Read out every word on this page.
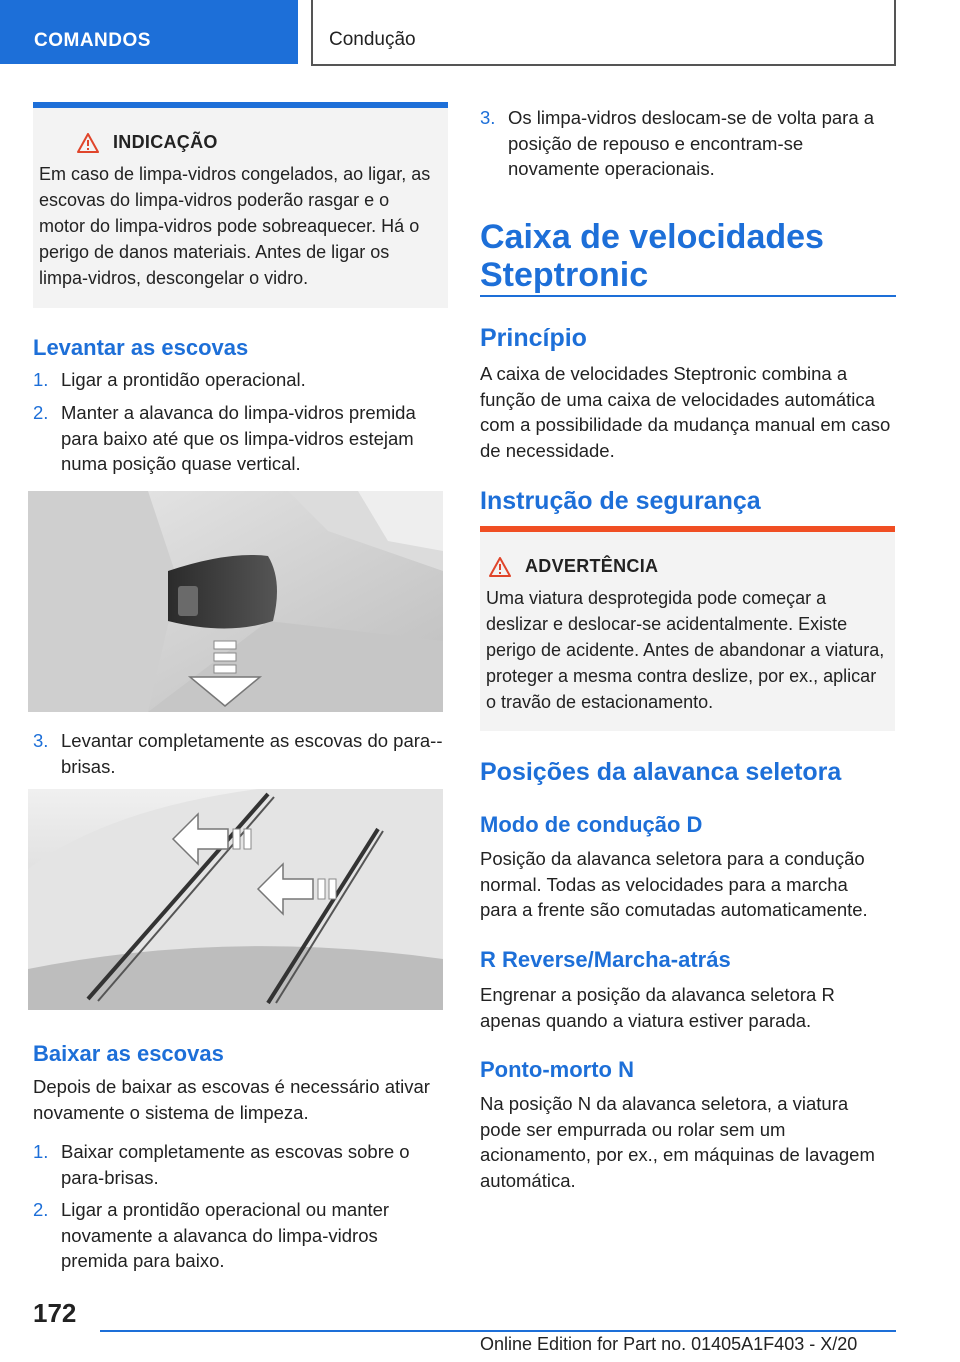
COMANDOS	Condução
INDICAÇÃO
Em caso de limpa-vidros congelados, ao ligar, as escovas do limpa-vidros poderão rasgar e o motor do limpa-vidros pode sobreaquecer. Há o perigo de danos materiais. Antes de ligar os limpa-vidros, descongelar o vidro.
Levantar as escovas
1. Ligar a prontidão operacional.
2. Manter a alavanca do limpa-vidros premida para baixo até que os limpa-vidros estejam numa posição quase vertical.
3. Levantar completamente as escovas do para--brisas.
Baixar as escovas
Depois de baixar as escovas é necessário ativar novamente o sistema de limpeza.
1. Baixar completamente as escovas sobre o para-brisas.
2. Ligar a prontidão operacional ou manter novamente a alavanca do limpa-vidros premida para baixo.
3. Os limpa-vidros deslocam-se de volta para a posição de repouso e encontram-se novamente operacionais.
Caixa de velocidades Steptronic
Princípio
A caixa de velocidades Steptronic combina a função de uma caixa de velocidades automática com a possibilidade da mudança manual em caso de necessidade.
Instrução de segurança
ADVERTÊNCIA
Uma viatura desprotegida pode começar a deslizar e deslocar-se acidentalmente. Existe perigo de acidente. Antes de abandonar a viatura, proteger a mesma contra deslize, por ex., aplicar o travão de estacionamento.
Posições da alavanca seletora
Modo de condução D
Posição da alavanca seletora para a condução normal. Todas as velocidades para a marcha para a frente são comutadas automaticamente.
R Reverse/Marcha-atrás
Engrenar a posição da alavanca seletora R apenas quando a viatura estiver parada.
Ponto-morto N
Na posição N da alavanca seletora, a viatura pode ser empurrada ou rolar sem um acionamento, por ex., em máquinas de lavagem automática.
172
Online Edition for Part no. 01405A1F403 - X/20
